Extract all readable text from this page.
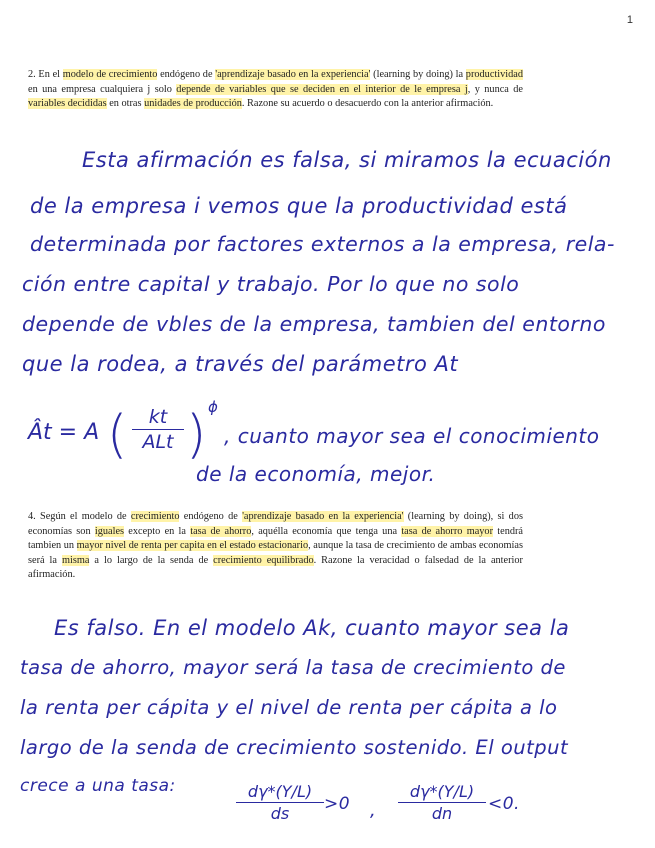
1
2. En el modelo de crecimiento endógeno de 'aprendizaje basado en la experiencia' (learning by doing) la productividad en una empresa cualquiera j solo depende de variables que se deciden en el interior de le empresa j, y nunca de variables decididas en otras unidades de producción. Razone su acuerdo o desacuerdo con la anterior afirmación.
Esta afirmación es falsa, si miramos la ecuación
de la empresa i vemos que la productividad está
determinada por factores externos a la empresa, rela-
ción entre capital y trabajo. Por lo que no solo
depende de vbles de la empresa, tambien del entorno
que la rodea, a través del parámetro At
Ât = A (	kt
ALt ) ϕ
, cuanto mayor sea el conocimiento
de la economía, mejor.
4. Según el modelo de crecimiento endógeno de 'aprendizaje basado en la experiencia' (learning by doing), si dos economías son iguales excepto en la tasa de ahorro, aquélla economía que tenga una tasa de ahorro mayor tendrá tambien un mayor nivel de renta per capita en el estado estacionario, aunque la tasa de crecimiento de ambas economías será la misma a lo largo de la senda de crecimiento equilibrado. Razone la veracidad o falsedad de la anterior afirmación.
Es falso. En el modelo Ak, cuanto mayor sea la
tasa de ahorro, mayor será la tasa de crecimiento de
la renta per cápita y el nivel de renta per cápita a lo
largo de la senda de crecimiento sostenido. El output
crece a una tasa:	dγ*(Y/L)
ds	>0 ,
dγ*(Y/L)
dn	<0.
